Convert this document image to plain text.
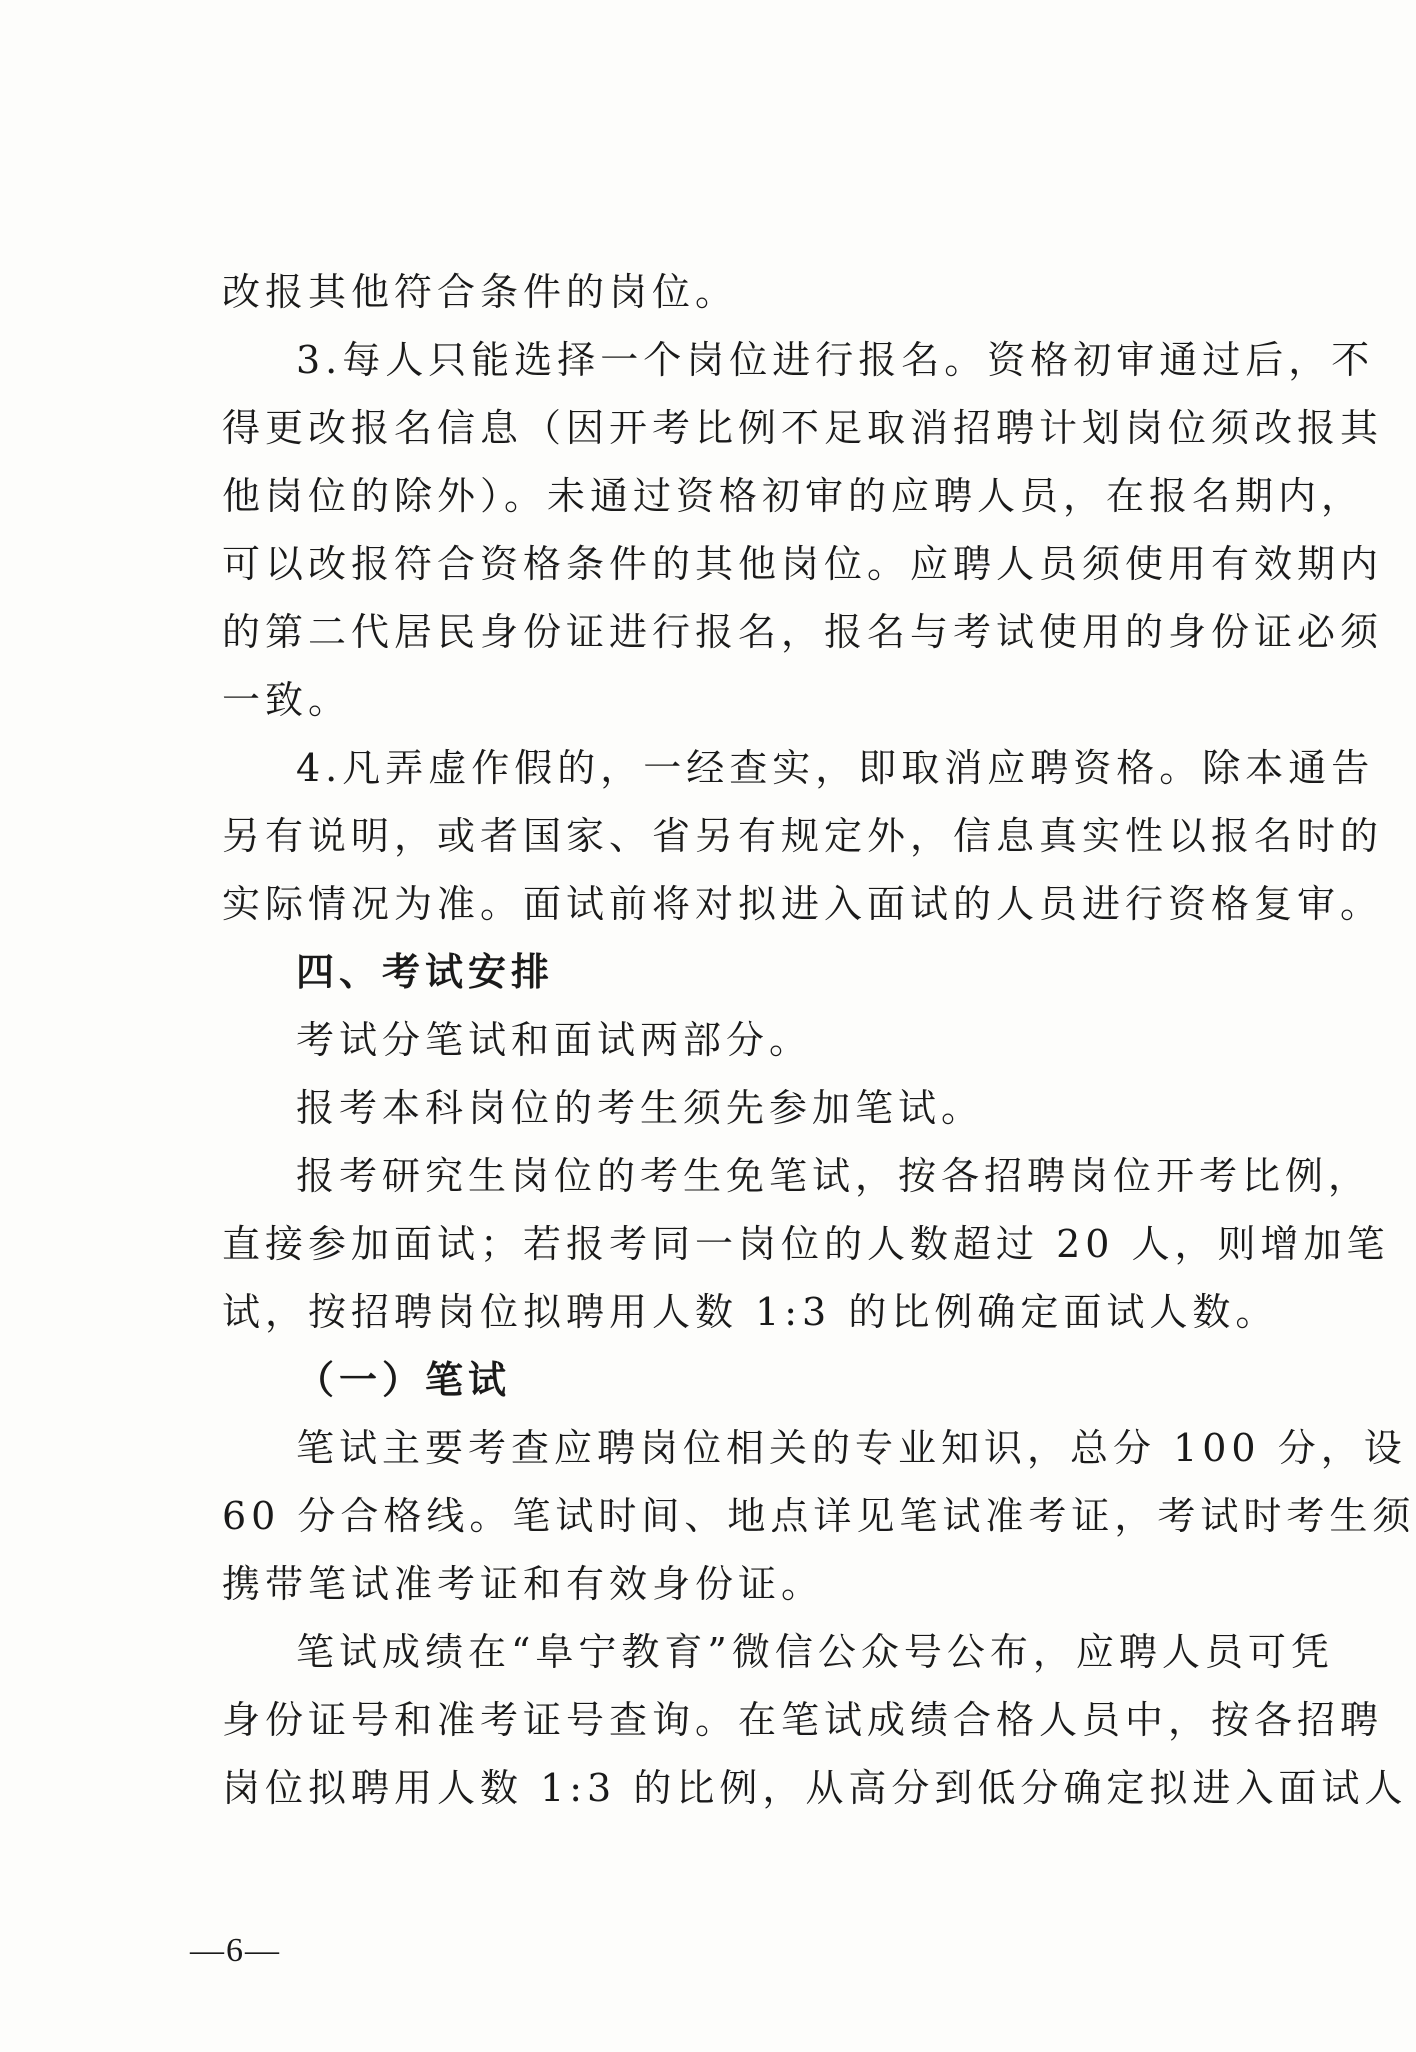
改报其他符合条件的岗位。
3.每人只能选择一个岗位进行报名。资格初审通过后，不
得更改报名信息（因开考比例不足取消招聘计划岗位须改报其
他岗位的除外）。未通过资格初审的应聘人员，在报名期内，
可以改报符合资格条件的其他岗位。应聘人员须使用有效期内
的第二代居民身份证进行报名，报名与考试使用的身份证必须
一致。
4.凡弄虚作假的，一经查实，即取消应聘资格。除本通告
另有说明，或者国家、省另有规定外，信息真实性以报名时的
实际情况为准。面试前将对拟进入面试的人员进行资格复审。
四、考试安排
考试分笔试和面试两部分。
报考本科岗位的考生须先参加笔试。
报考研究生岗位的考生免笔试，按各招聘岗位开考比例，
直接参加面试；若报考同一岗位的人数超过 20 人，则增加笔
试，按招聘岗位拟聘用人数 1:3 的比例确定面试人数。
（一）笔试
笔试主要考查应聘岗位相关的专业知识，总分 100 分，设
60 分合格线。笔试时间、地点详见笔试准考证，考试时考生须
携带笔试准考证和有效身份证。
笔试成绩在“阜宁教育”微信公众号公布，应聘人员可凭
身份证号和准考证号查询。在笔试成绩合格人员中，按各招聘
岗位拟聘用人数 1:3 的比例，从高分到低分确定拟进入面试人
—6—
